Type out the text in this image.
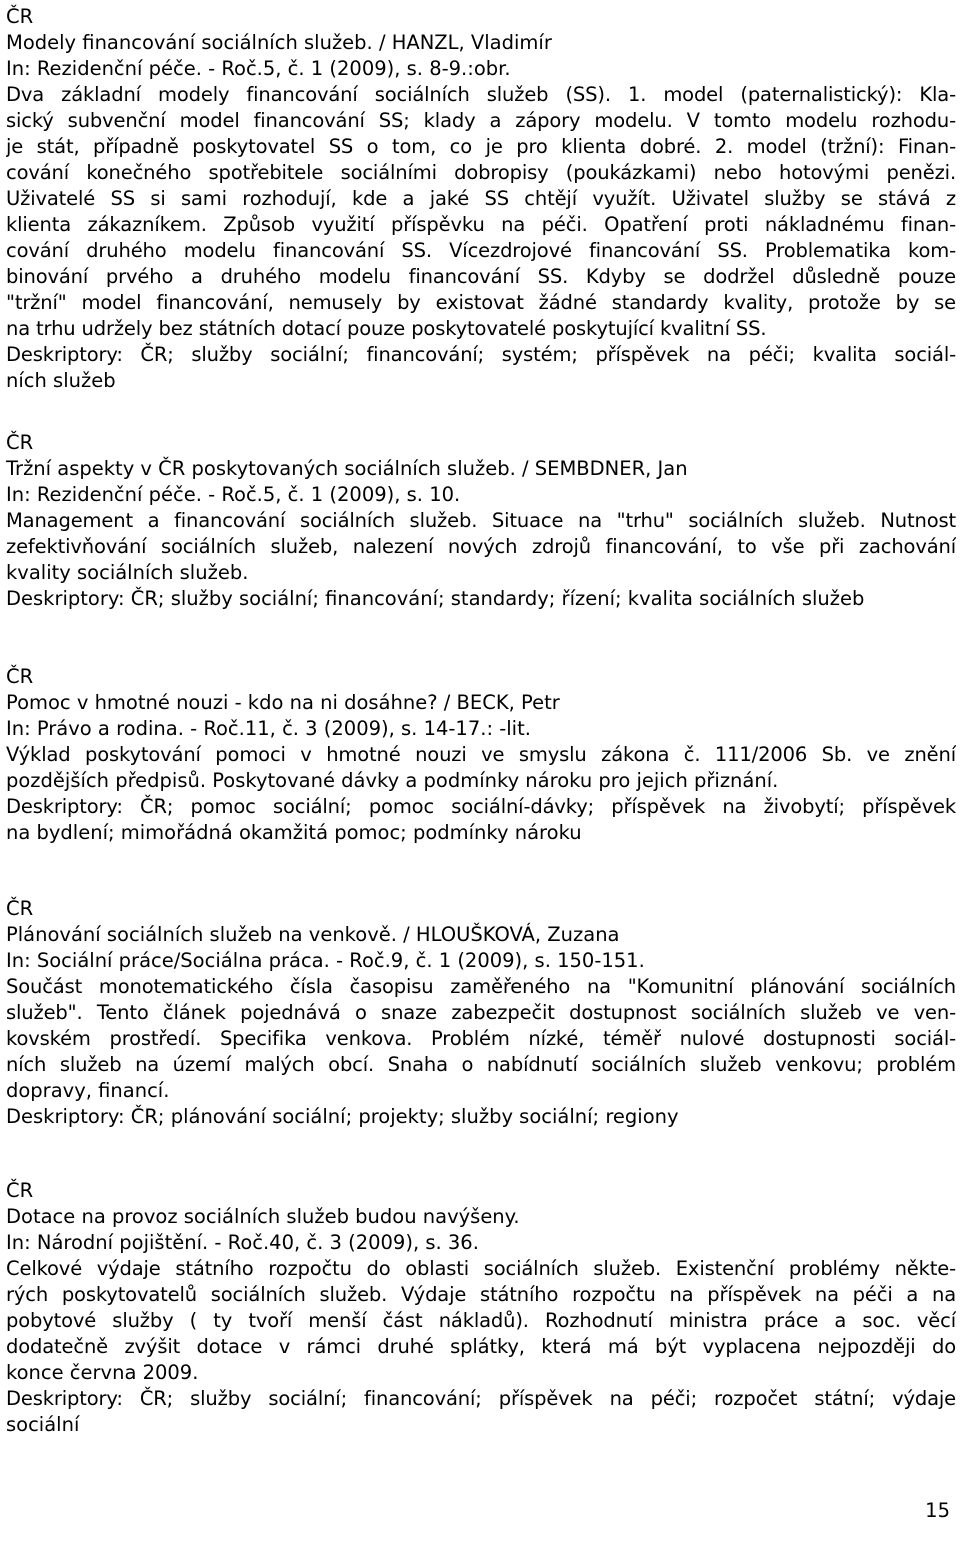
ČR
Modely financování sociálních služeb. / HANZL, Vladimír
In: Rezidenční péče. - Roč.5, č. 1 (2009), s. 8-9.:obr.
Dva základní modely financování sociálních služeb (SS). 1. model (paternalistický): Kla-
sický subvenční model financování SS; klady a zápory modelu. V tomto modelu rozhodu-
je stát, případně poskytovatel SS o tom, co je pro klienta dobré. 2. model (tržní): Finan-
cování konečného spotřebitele sociálními dobropisy (poukázkami) nebo hotovými penězi.
Uživatelé SS si sami rozhodují, kde a jaké SS chtějí využít. Uživatel služby se stává z
klienta zákazníkem. Způsob využití příspěvku na péči. Opatření proti nákladnému finan-
cování druhého modelu financování SS. Vícezdrojové financování SS. Problematika kom-
binování prvého a druhého modelu financování SS. Kdyby se dodržel důsledně pouze
"tržní" model financování, nemusely by existovat žádné standardy kvality, protože by se
na trhu udržely bez státních dotací pouze poskytovatelé poskytující kvalitní SS.
Deskriptory: ČR; služby sociální; financování; systém; příspěvek na péči; kvalita sociál-
ních služeb
ČR
Tržní aspekty v ČR poskytovaných sociálních služeb. / SEMBDNER, Jan
In: Rezidenční péče. - Roč.5, č. 1 (2009), s. 10.
Management a financování sociálních služeb. Situace na "trhu" sociálních služeb. Nutnost
zefektivňování sociálních služeb, nalezení nových zdrojů financování, to vše při zachování
kvality sociálních služeb.
Deskriptory: ČR; služby sociální; financování; standardy; řízení; kvalita sociálních služeb
ČR
Pomoc v hmotné nouzi - kdo na ni dosáhne? / BECK, Petr
In: Právo a rodina. - Roč.11, č. 3 (2009), s. 14-17.: -lit.
Výklad poskytování pomoci v hmotné nouzi ve smyslu zákona č. 111/2006 Sb. ve znění
pozdějších předpisů. Poskytované dávky a podmínky nároku pro jejich přiznání.
Deskriptory: ČR; pomoc sociální; pomoc sociální-dávky; příspěvek na živobytí; příspěvek
na bydlení; mimořádná okamžitá pomoc; podmínky nároku
ČR
Plánování sociálních služeb na venkově. / HLOUŠKOVÁ, Zuzana
In: Sociální práce/Sociálna práca. - Roč.9, č. 1 (2009), s. 150-151.
Součást monotematického čísla časopisu zaměřeného na "Komunitní plánování sociálních
služeb". Tento článek pojednává o snaze zabezpečit dostupnost sociálních služeb ve ven-
kovském prostředí. Specifika venkova. Problém nízké, téměř nulové dostupnosti sociál-
ních služeb na území malých obcí. Snaha o nabídnutí sociálních služeb venkovu; problém
dopravy, financí.
Deskriptory: ČR; plánování sociální; projekty; služby sociální; regiony
ČR
Dotace na provoz sociálních služeb budou navýšeny.
In: Národní pojištění. - Roč.40, č. 3 (2009), s. 36.
Celkové výdaje státního rozpočtu do oblasti sociálních služeb. Existenční problémy někte-
rých poskytovatelů sociálních služeb. Výdaje státního rozpočtu na příspěvek na péči a na
pobytové služby ( ty tvoří menší část nákladů). Rozhodnutí ministra práce a soc. věcí
dodatečně zvýšit dotace v rámci druhé splátky, která má být vyplacena nejpozději do
konce června 2009.
Deskriptory: ČR; služby sociální; financování; příspěvek na péči; rozpočet státní; výdaje
sociální
15
